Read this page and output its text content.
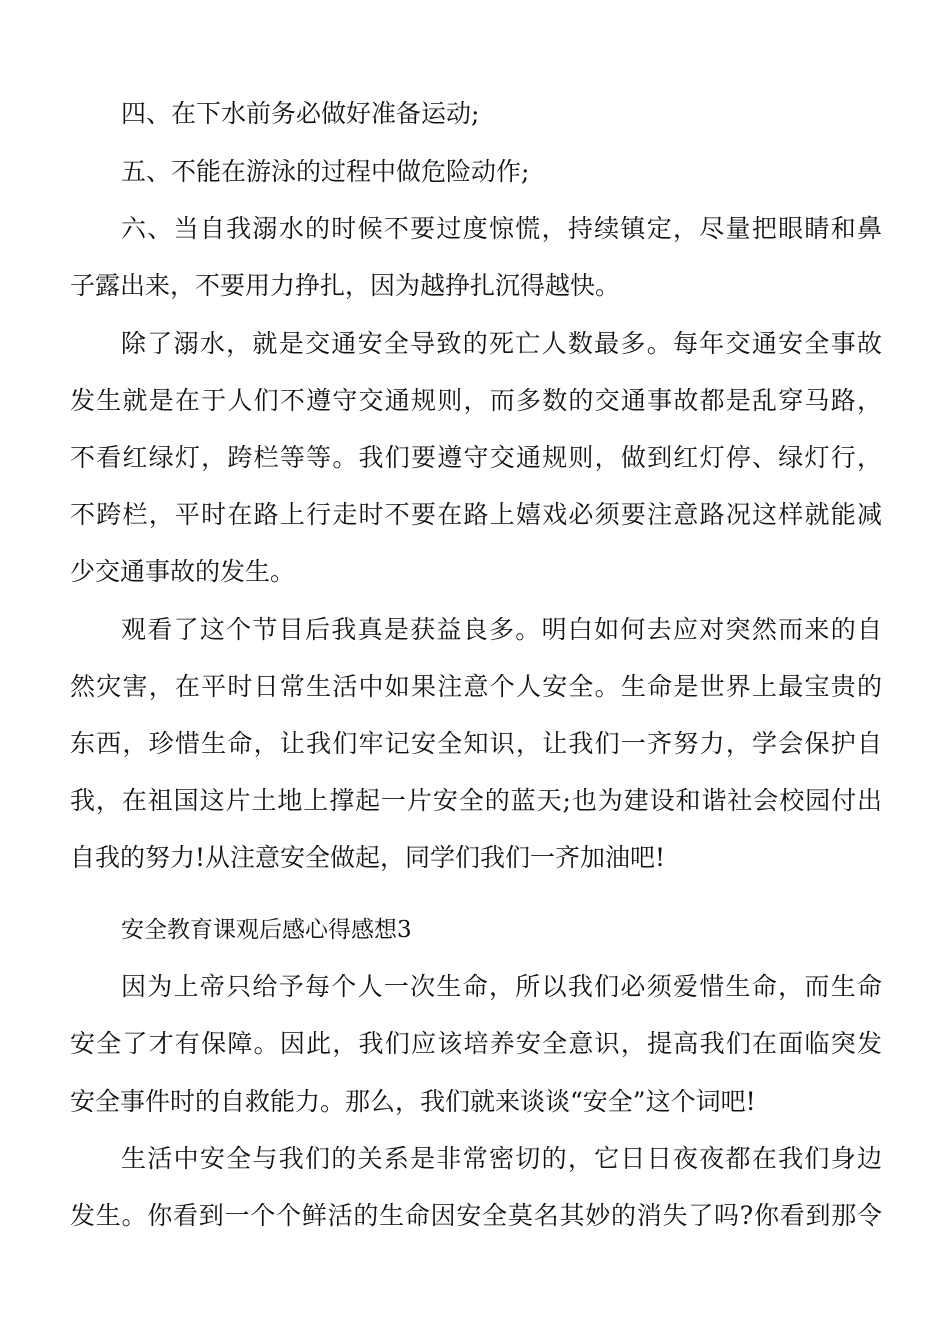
四、在下水前务必做好准备运动;
五、不能在游泳的过程中做危险动作;
六、当自我溺水的时候不要过度惊慌，持续镇定，尽量把眼睛和鼻
子露出来，不要用力挣扎，因为越挣扎沉得越快。
除了溺水，就是交通安全导致的死亡人数最多。每年交通安全事故
发生就是在于人们不遵守交通规则，而多数的交通事故都是乱穿马路，
不看红绿灯，跨栏等等。我们要遵守交通规则，做到红灯停、绿灯行，
不跨栏，平时在路上行走时不要在路上嬉戏必须要注意路况这样就能减
少交通事故的发生。
观看了这个节目后我真是获益良多。明白如何去应对突然而来的自
然灾害，在平时日常生活中如果注意个人安全。生命是世界上最宝贵的
东西，珍惜生命，让我们牢记安全知识，让我们一齐努力，学会保护自
我，在祖国这片土地上撑起一片安全的蓝天;也为建设和谐社会校园付出
自我的努力!从注意安全做起，同学们我们一齐加油吧!
安全教育课观后感心得感想3
因为上帝只给予每个人一次生命，所以我们必须爱惜生命，而生命
安全了才有保障。因此，我们应该培养安全意识，提高我们在面临突发
安全事件时的自救能力。那么，我们就来谈谈“安全”这个词吧!
生活中安全与我们的关系是非常密切的，它日日夜夜都在我们身边
发生。你看到一个个鲜活的生命因安全莫名其妙的消失了吗?你看到那令
